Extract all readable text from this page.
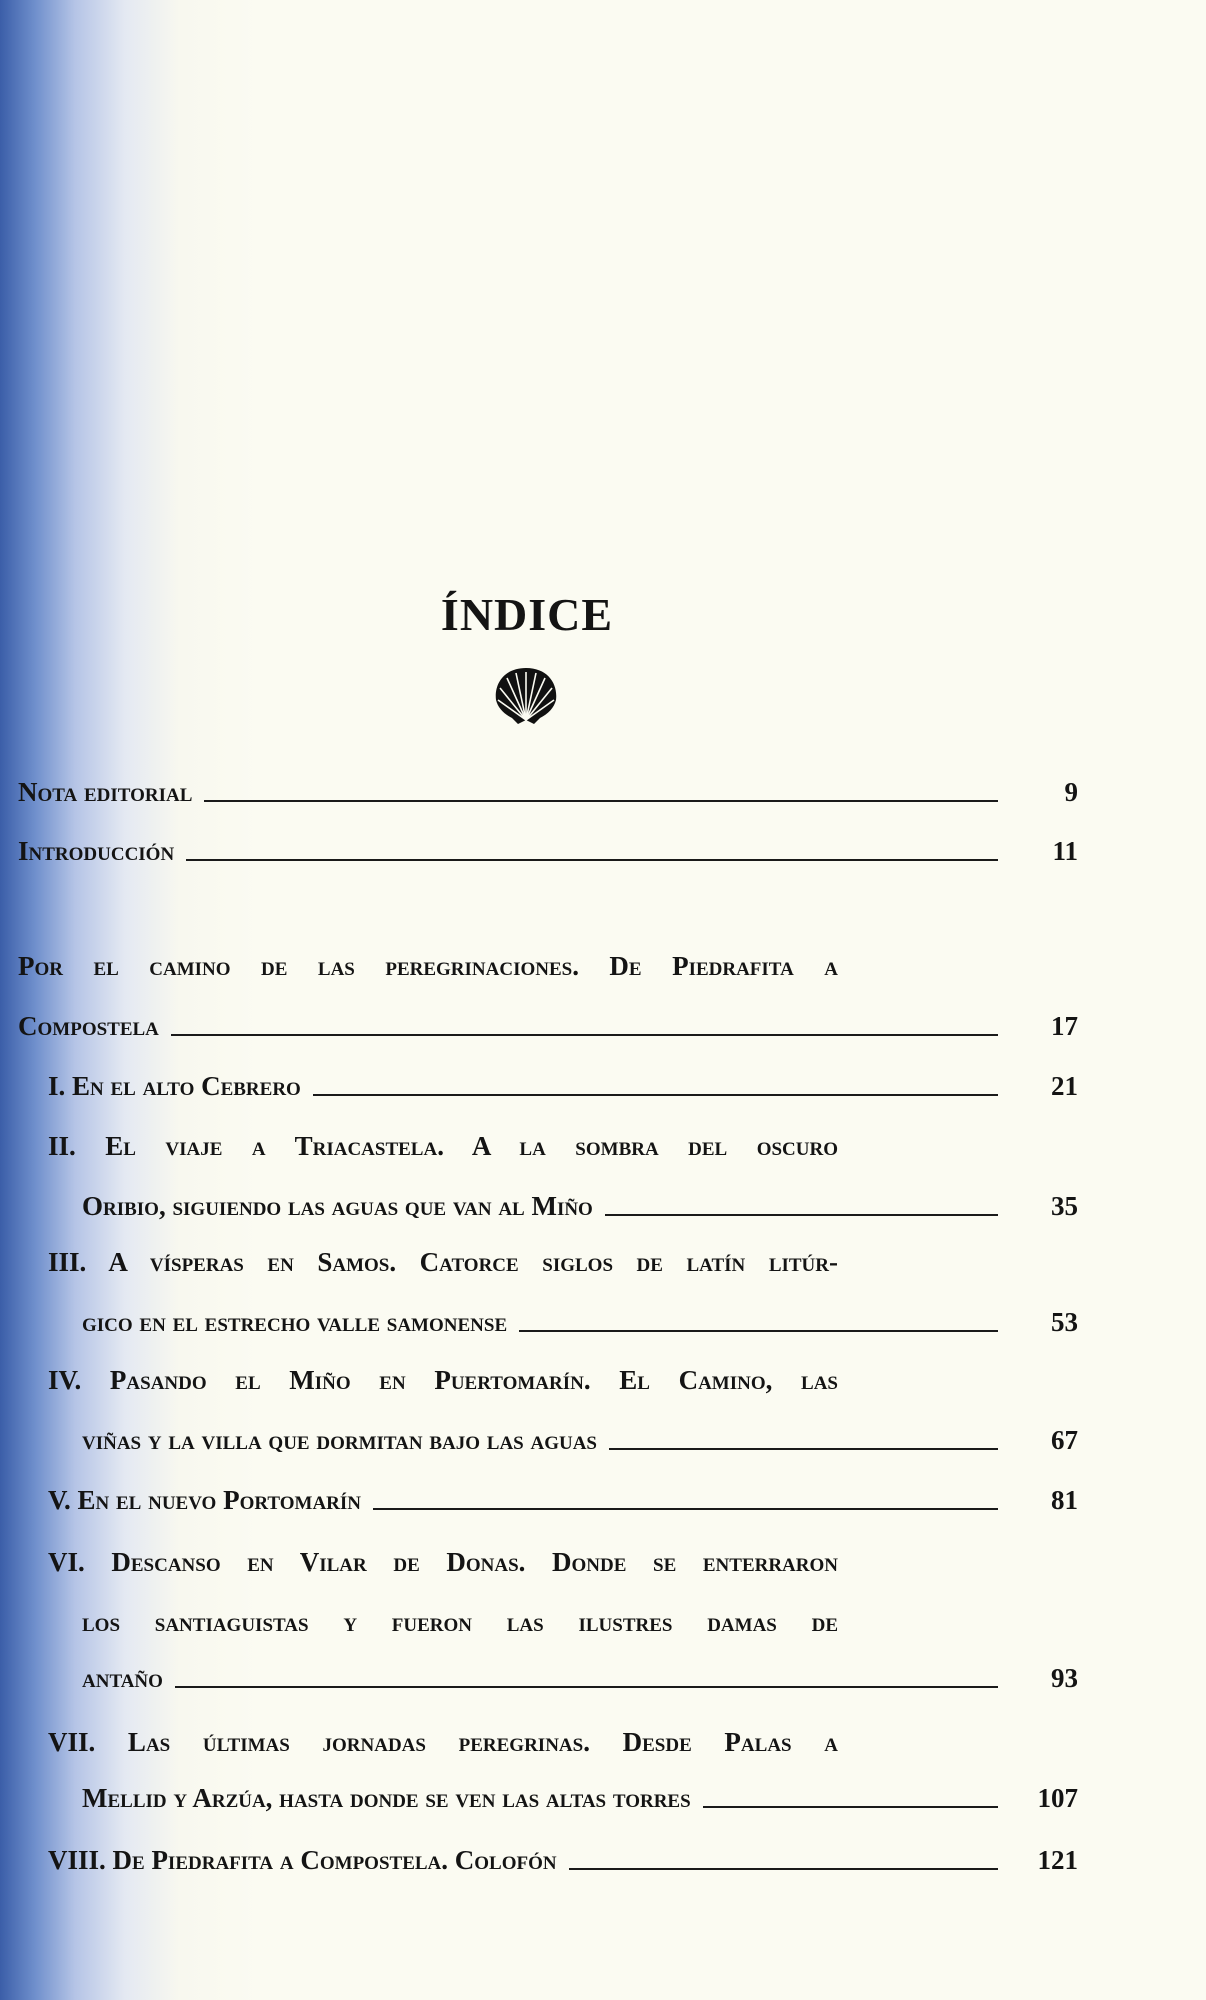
ÍNDICE
Nota editorial	9
Introducción	11
Por el camino de las peregrinaciones. De Piedrafita a
Compostela	17
I. En el alto Cebrero	21
II. El viaje a Triacastela. A la sombra del oscuro
Oribio, siguiendo las aguas que van al Miño	35
III. A vísperas en Samos. Catorce siglos de latín litúr-
gico en el estrecho valle samonense	53
IV. Pasando el Miño en Puertomarín. El Camino, las
viñas y la villa que dormitan bajo las aguas	67
V. En el nuevo Portomarín	81
VI. Descanso en Vilar de Donas. Donde se enterraron
los santiaguistas y fueron las ilustres damas de
antaño	93
VII. Las últimas jornadas peregrinas. Desde Palas a
Mellid y Arzúa, hasta donde se ven las altas torres	107
VIII. De Piedrafita a Compostela. Colofón	121
